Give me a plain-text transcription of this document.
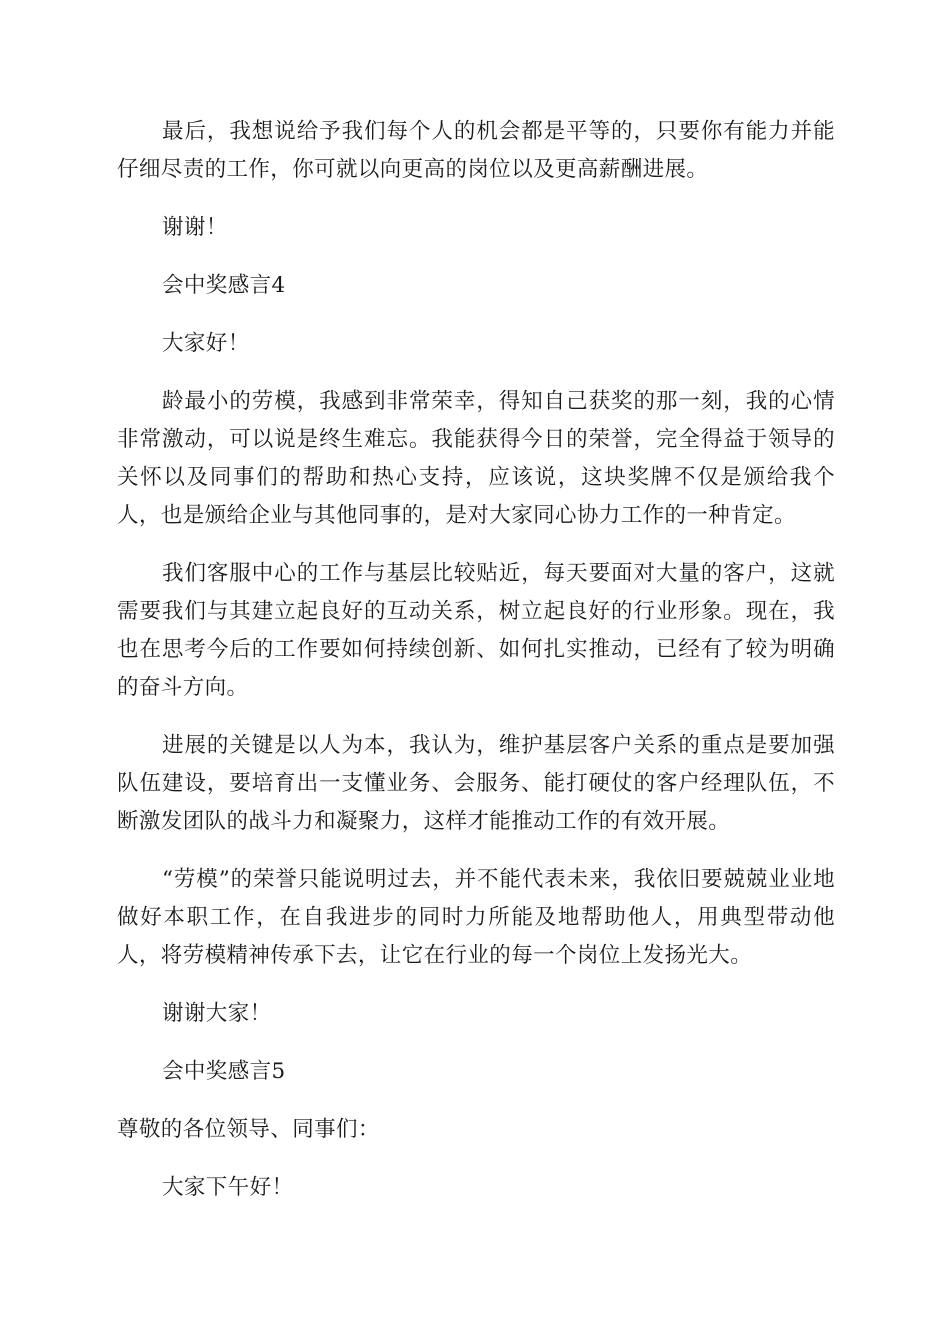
最后，我想说给予我们每个人的机会都是平等的，只要你有能力并能仔细尽责的工作，你可就以向更高的岗位以及更高薪酬进展。

谢谢！

会中奖感言4

大家好！

龄最小的劳模，我感到非常荣幸，得知自己获奖的那一刻，我的心情非常激动，可以说是终生难忘。我能获得今日的荣誉，完全得益于领导的关怀以及同事们的帮助和热心支持，应该说，这块奖牌不仅是颁给我个人，也是颁给企业与其他同事的，是对大家同心协力工作的一种肯定。

我们客服中心的工作与基层比较贴近，每天要面对大量的客户，这就需要我们与其建立起良好的互动关系，树立起良好的行业形象。现在，我也在思考今后的工作要如何持续创新、如何扎实推动，已经有了较为明确的奋斗方向。

进展的关键是以人为本，我认为，维护基层客户关系的重点是要加强队伍建设，要培育出一支懂业务、会服务、能打硬仗的客户经理队伍，不断激发团队的战斗力和凝聚力，这样才能推动工作的有效开展。

“劳模”的荣誉只能说明过去，并不能代表未来，我依旧要兢兢业业地做好本职工作，在自我进步的同时力所能及地帮助他人，用典型带动他人，将劳模精神传承下去，让它在行业的每一个岗位上发扬光大。

谢谢大家！

会中奖感言5

尊敬的各位领导、同事们：

大家下午好！
